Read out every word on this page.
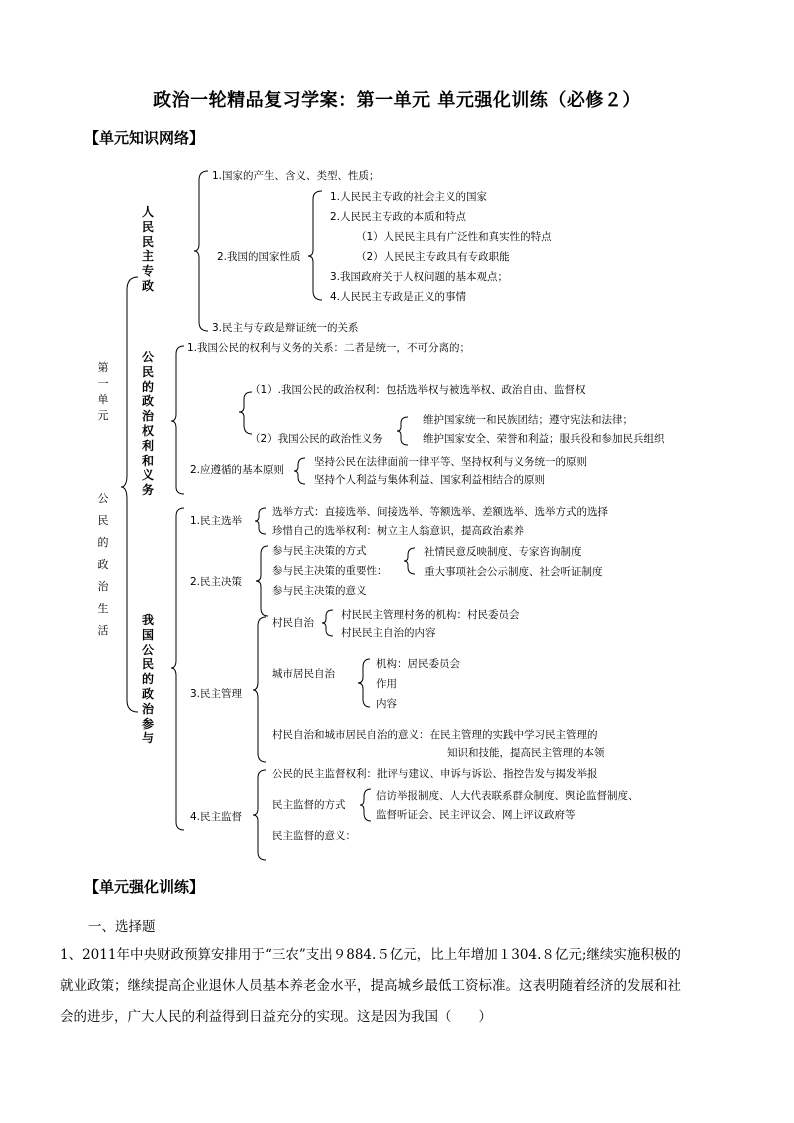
政治一轮精品复习学案：第一单元 单元强化训练（必修２）
【单元知识网络】
第一单元
公民的政治生活
人民民主专政
1.国家的产生、含义、类型、性质；
2.我国的国家性质
1.人民民主专政的社会主义的国家
2.人民民主专政的本质和特点
（1）人民民主具有广泛性和真实性的特点
（2）人民民主专政具有专政职能
3.我国政府关于人权问题的基本观点；
4.人民民主专政是正义的事情
3.民主与专政是辩证统一的关系
公民的政治权利和义务
1.我国公民的权利与义务的关系：二者是统一，不可分离的；
（1）.我国公民的政治权利：包括选举权与被选举权、政治自由、监督权
（2）我国公民的政治性义务
维护国家统一和民族团结；遵守宪法和法律；
维护国家安全、荣誉和利益；服兵役和参加民兵组织
2.应遵循的基本原则
坚持公民在法律面前一律平等、坚持权利与义务统一的原则
坚持个人利益与集体利益、国家利益相结合的原则
我国公民的政治参与
1.民主选举
选举方式：直接选举、间接选举、等额选举、差额选举、选举方式的选择
珍惜自己的选举权利：树立主人翁意识，提高政治素养
2.民主决策
参与民主决策的方式
参与民主决策的重要性：
参与民主决策的意义
社情民意反映制度、专家咨询制度
重大事项社会公示制度、社会听证制度
3.民主管理
村民自治
村民民主管理村务的机构：村民委员会
村民民主自治的内容
城市居民自治
机构：居民委员会
作用
内容
村民自治和城市居民自治的意义：在民主管理的实践中学习民主管理的
知识和技能，提高民主管理的本领
4.民主监督
公民的民主监督权利：批评与建议、申诉与诉讼、指控告发与揭发举报
民主监督的方式
信访举报制度、人大代表联系群众制度、舆论监督制度、
监督听证会、民主评议会、网上评议政府等
民主监督的意义：
【单元强化训练】
一、选择题
1、2011年中央财政预算安排用于“三农”支出９884.５亿元，比上年增加１304.８亿元;继续实施积极的
就业政策；继续提高企业退休人员基本养老金水平，提高城乡最低工资标准。这表明随着经济的发展和社
会的进步，广大人民的利益得到日益充分的实现。这是因为我国（　　）
